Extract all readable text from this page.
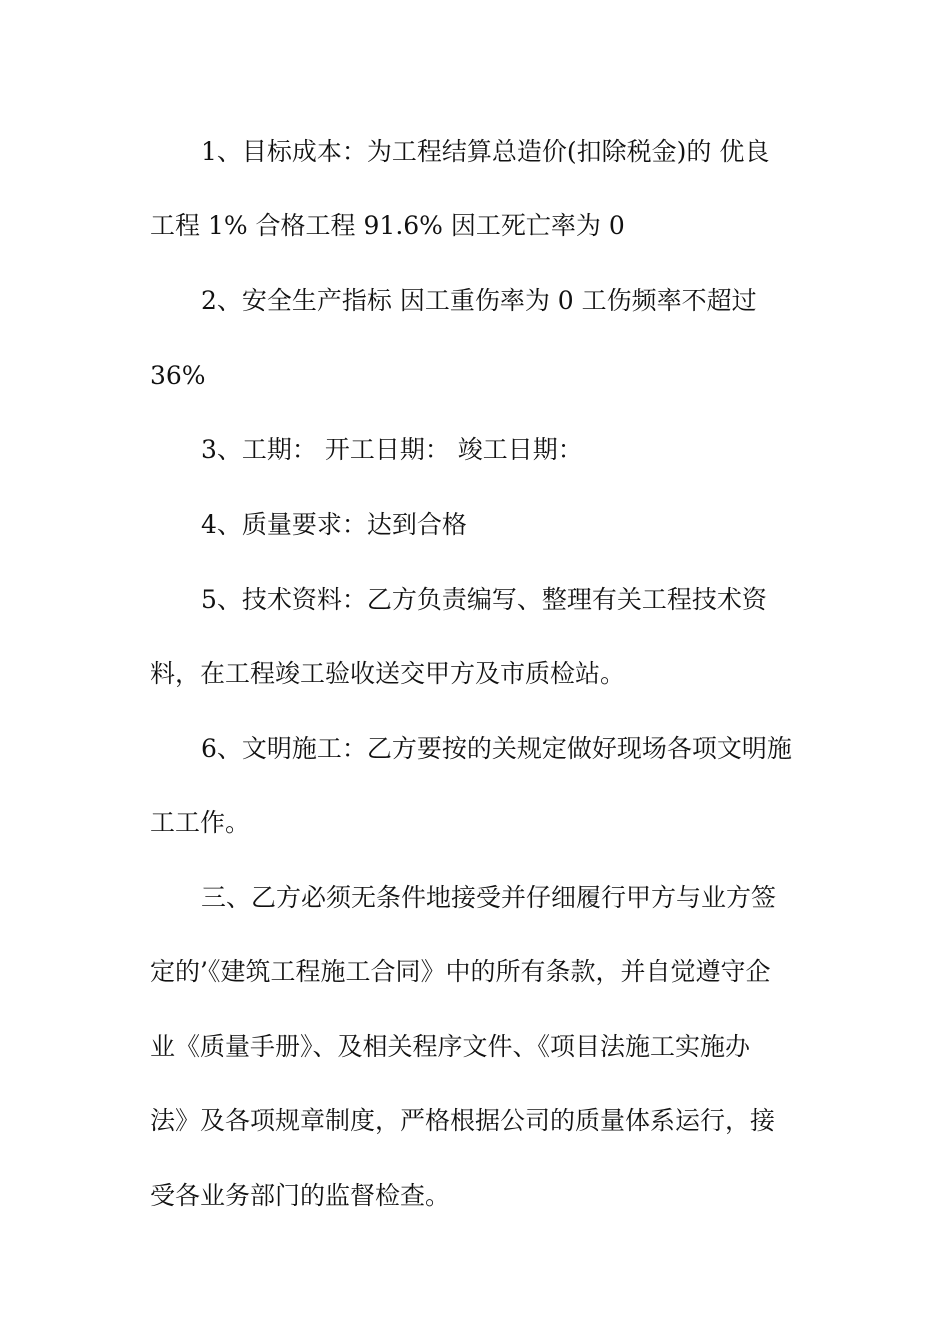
1、目标成本：为工程结算总造价(扣除税金)的 优良
工程 1% 合格工程 91.6% 因工死亡率为 0
2、安全生产指标 因工重伤率为 0 工伤频率不超过
36%
3、工期： 开工日期： 竣工日期：
4、质量要求：达到合格
5、技术资料：乙方负责编写、整理有关工程技术资
料，在工程竣工验收送交甲方及市质检站。
6、文明施工：乙方要按的关规定做好现场各项文明施
工工作。
三、乙方必须无条件地接受并仔细履行甲方与业方签
定的’《建筑工程施工合同》中的所有条款，并自觉遵守企
业《质量手册》、及相关程序文件、《项目法施工实施办
法》及各项规章制度，严格根据公司的质量体系运行，接
受各业务部门的监督检查。
